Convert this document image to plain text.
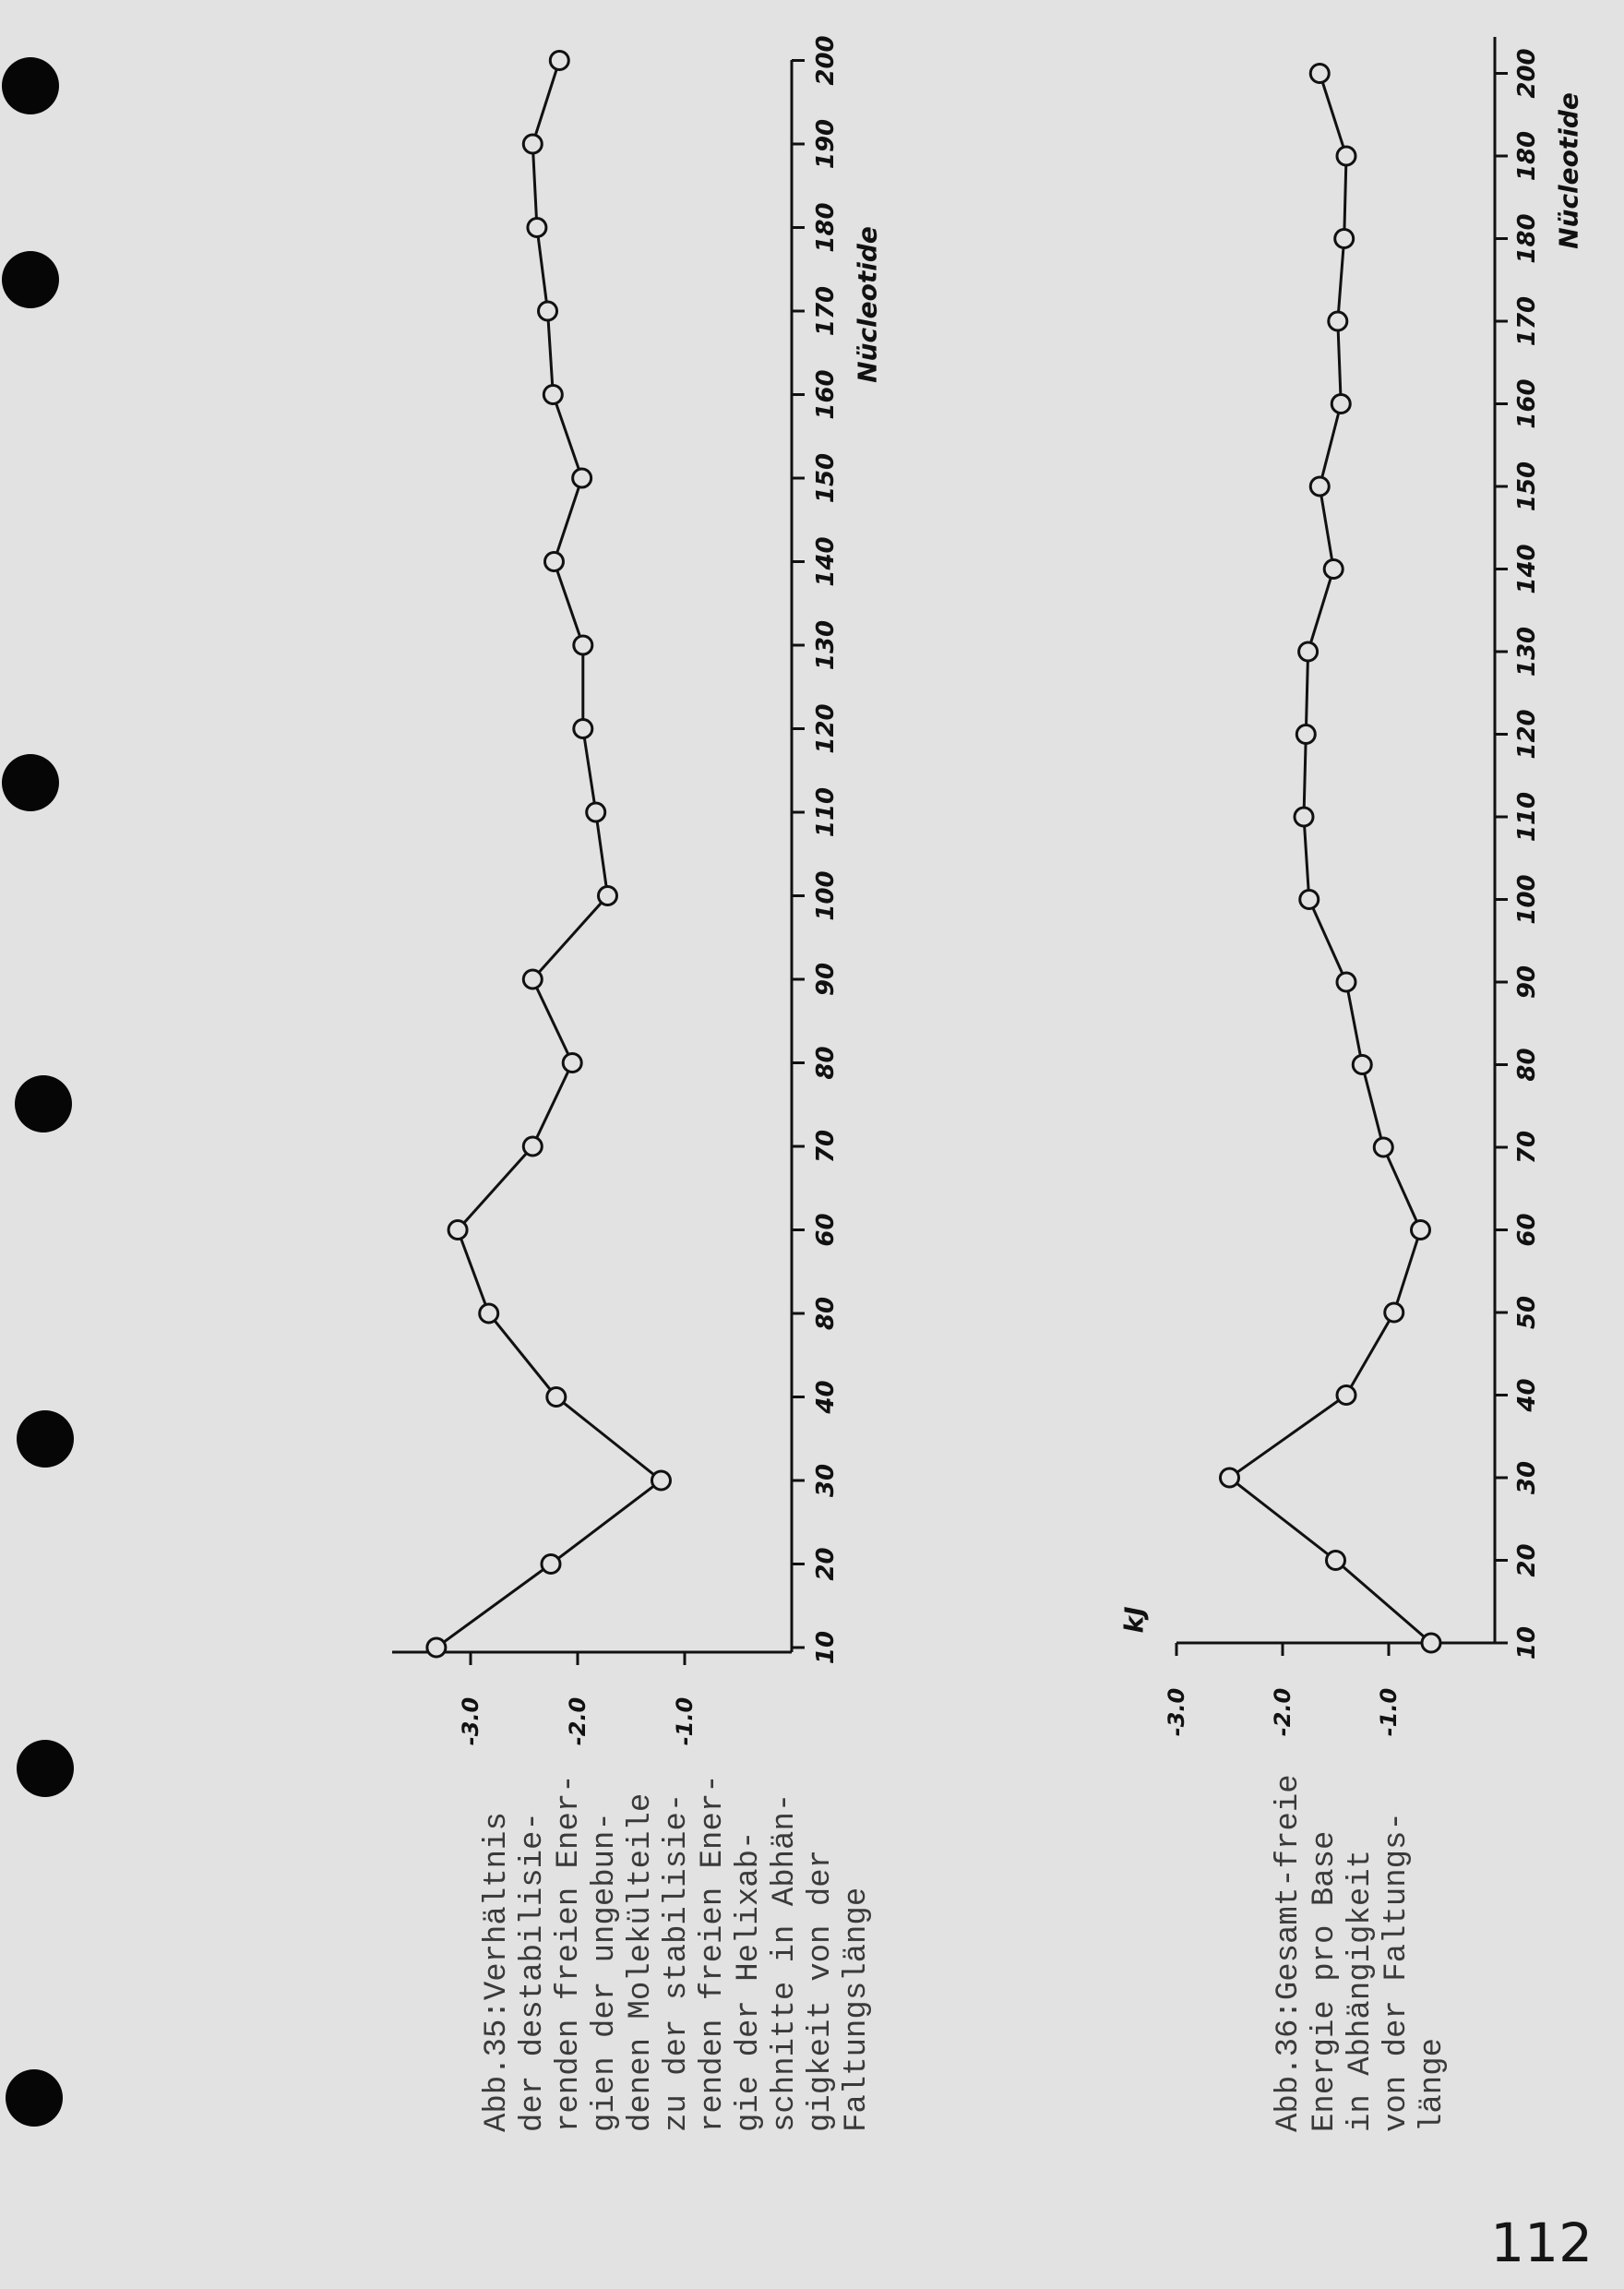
10
20
30
40
80
60
70
80
90
100
110
120
130
140
150
160
170
180
190
200
Nücleotide
-3.0	-2.0	-1.0
10
20
30
40
50
60
70
80
90
100
110
120
130
140
150
160
170
180
180
200
Nücleotide
-3.0	-2.0	-1.0
kJ
Abb.35:Verhältnis
der destabilisie-
renden freien Ener-
gien der ungebun-
denen Molekülteile
zu der stabilisie-
renden freien Ener-
gie der Helixab-
schnitte in Abhän-
gigkeit von der
Faltungslänge	Abb.36:Gesamt-freie
Energie pro Base
in Abhängigkeit
von der Faltungs-
länge
112
